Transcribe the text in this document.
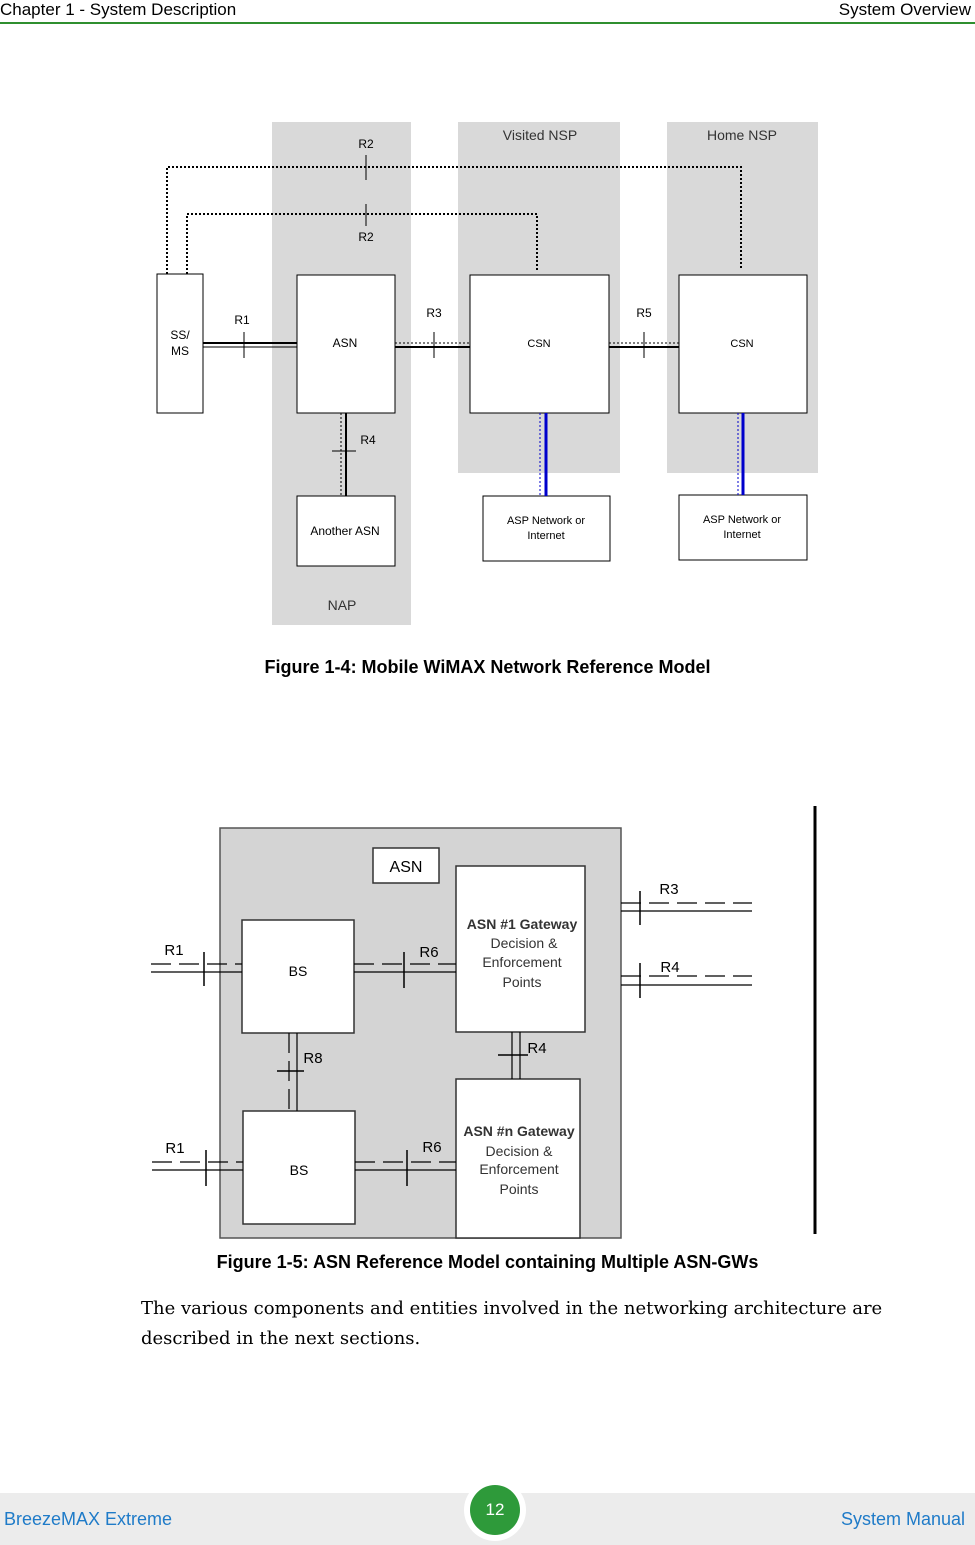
Chapter 1 - System Description	System Overview
Visited NSP	Home NSP
NAP
R2
R2
SS/
MS
ASN	CSN	CSN
Another ASN
ASP Network or
Internet
ASP Network or
Internet
R1	R3	R5
R4
Figure 1-4: Mobile WiMAX Network Reference Model
ASN
BS
BS
ASN #1 Gateway
Decision &
Enforcement
Points
ASN #n Gateway
Decision &
Enforcement
Points
R1
R1
R6
R6
R8
R4
R3
R4
Figure 1-5: ASN Reference Model containing Multiple ASN-GWs
The various components and entities involved in the networking architecture are described in the next sections.
BreezeMAX Extreme	12	System Manual
